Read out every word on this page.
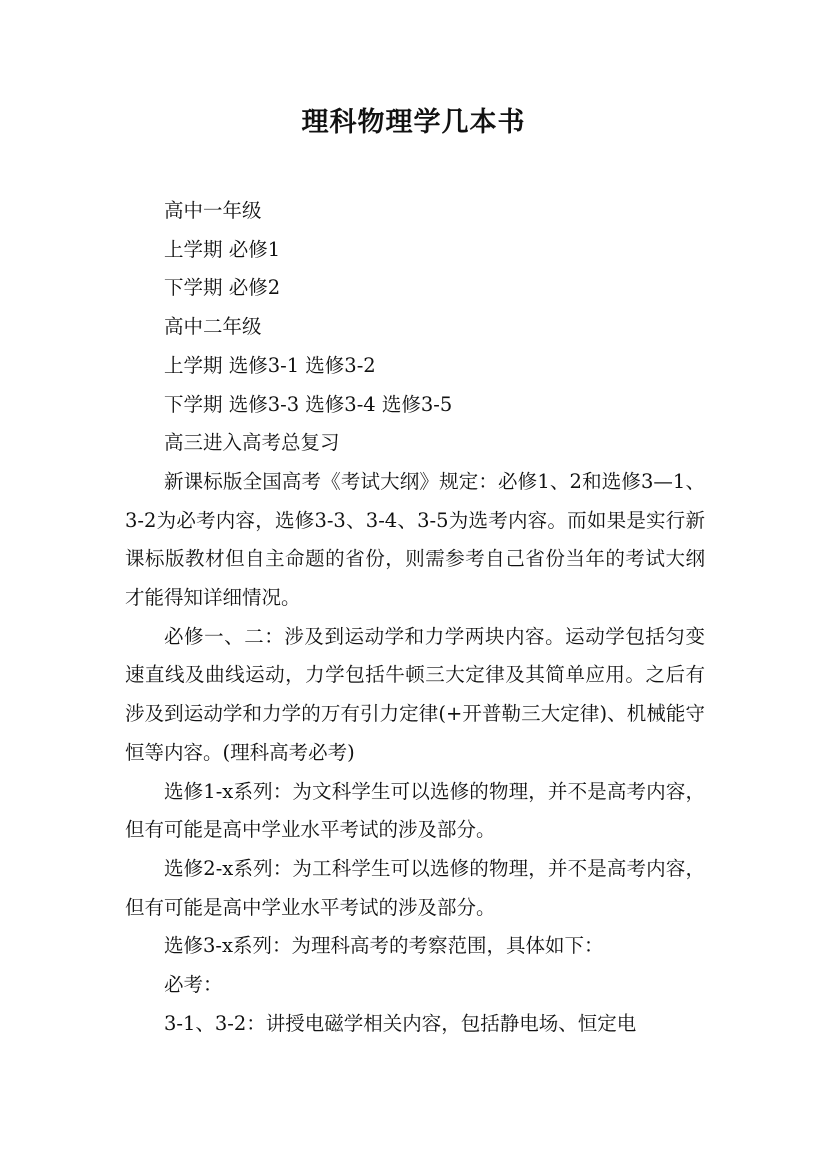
理科物理学几本书

高中一年级

上学期 必修1

下学期 必修2

高中二年级

上学期 选修3-1 选修3-2

下学期 选修3-3 选修3-4 选修3-5

高三进入高考总复习

新课标版全国高考《考试大纲》规定：必修1、2和选修3—1、3-2为必考内容，选修3-3、3-4、3-5为选考内容。而如果是实行新课标版教材但自主命题的省份，则需参考自己省份当年的考试大纲才能得知详细情况。

必修一、二：涉及到运动学和力学两块内容。运动学包括匀变速直线及曲线运动，力学包括牛顿三大定律及其简单应用。之后有涉及到运动学和力学的万有引力定律(+开普勒三大定律)、机械能守恒等内容。(理科高考必考)

选修1-x系列：为文科学生可以选修的物理，并不是高考内容，但有可能是高中学业水平考试的涉及部分。

选修2-x系列：为工科学生可以选修的物理，并不是高考内容，但有可能是高中学业水平考试的涉及部分。

选修3-x系列：为理科高考的考察范围，具体如下：

必考：

3-1、3-2：讲授电磁学相关内容，包括静电场、恒定电
